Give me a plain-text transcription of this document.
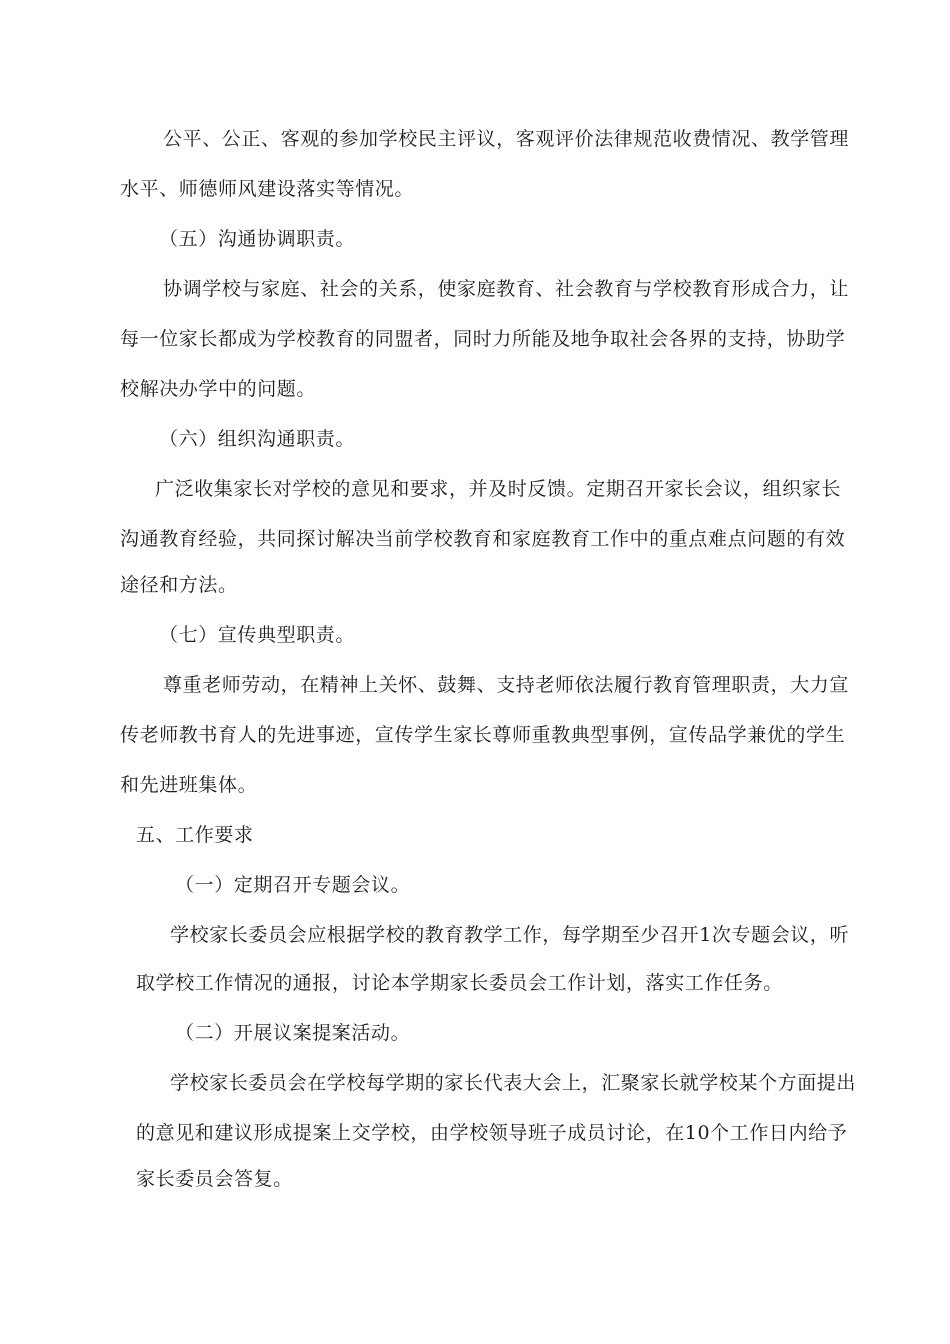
公平、公正、客观的参加学校民主评议，客观评价法律规范收费情况、教学管理
水平、师德师风建设落实等情况。
（五）沟通协调职责。
协调学校与家庭、社会的关系，使家庭教育、社会教育与学校教育形成合力，让
每一位家长都成为学校教育的同盟者，同时力所能及地争取社会各界的支持，协助学
校解决办学中的问题。
（六）组织沟通职责。
广泛收集家长对学校的意见和要求，并及时反馈。定期召开家长会议，组织家长
沟通教育经验，共同探讨解决当前学校教育和家庭教育工作中的重点难点问题的有效
途径和方法。
（七）宣传典型职责。
尊重老师劳动，在精神上关怀、鼓舞、支持老师依法履行教育管理职责，大力宣
传老师教书育人的先进事迹，宣传学生家长尊师重教典型事例，宣传品学兼优的学生
和先进班集体。
五、工作要求
（一）定期召开专题会议。
学校家长委员会应根据学校的教育教学工作，每学期至少召开1次专题会议，听
取学校工作情况的通报，讨论本学期家长委员会工作计划，落实工作任务。
（二）开展议案提案活动。
学校家长委员会在学校每学期的家长代表大会上，汇聚家长就学校某个方面提出
的意见和建议形成提案上交学校，由学校领导班子成员讨论，在10个工作日内给予
家长委员会答复。
